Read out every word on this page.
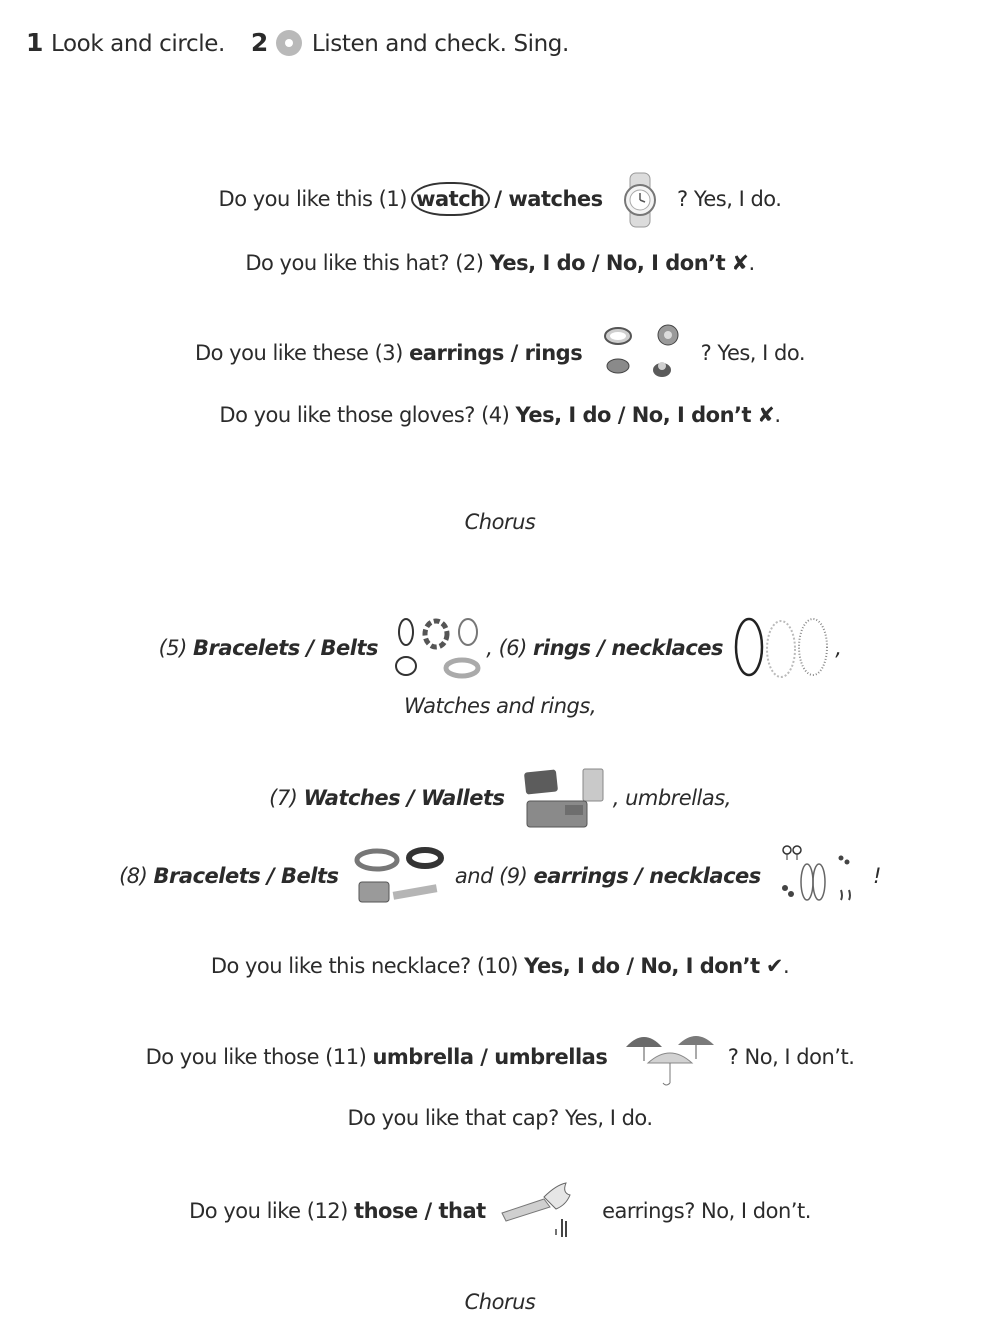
1 Look and circle. 2 Listen and check. Sing.
Do you like this (1) watch / watches	? Yes, I do.
Do you like this hat? (2) Yes, I do / No, I don’t ✘.
Do you like these (3) earrings / rings	? Yes, I do.
Do you like those gloves? (4) Yes, I do / No, I don’t ✘.
Chorus
(5) Bracelets / Belts	, (6) rings / necklaces	,
Watches and rings,
(7) Watches / Wallets	, umbrellas,
(8) Bracelets / Belts	and (9) earrings / necklaces	!
Do you like this necklace? (10) Yes, I do / No, I don’t ✔.
Do you like those (11) umbrella / umbrellas	? No, I don’t.
Do you like that cap? Yes, I do.
Do you like (12) those / that	earrings? No, I don’t.
Chorus
